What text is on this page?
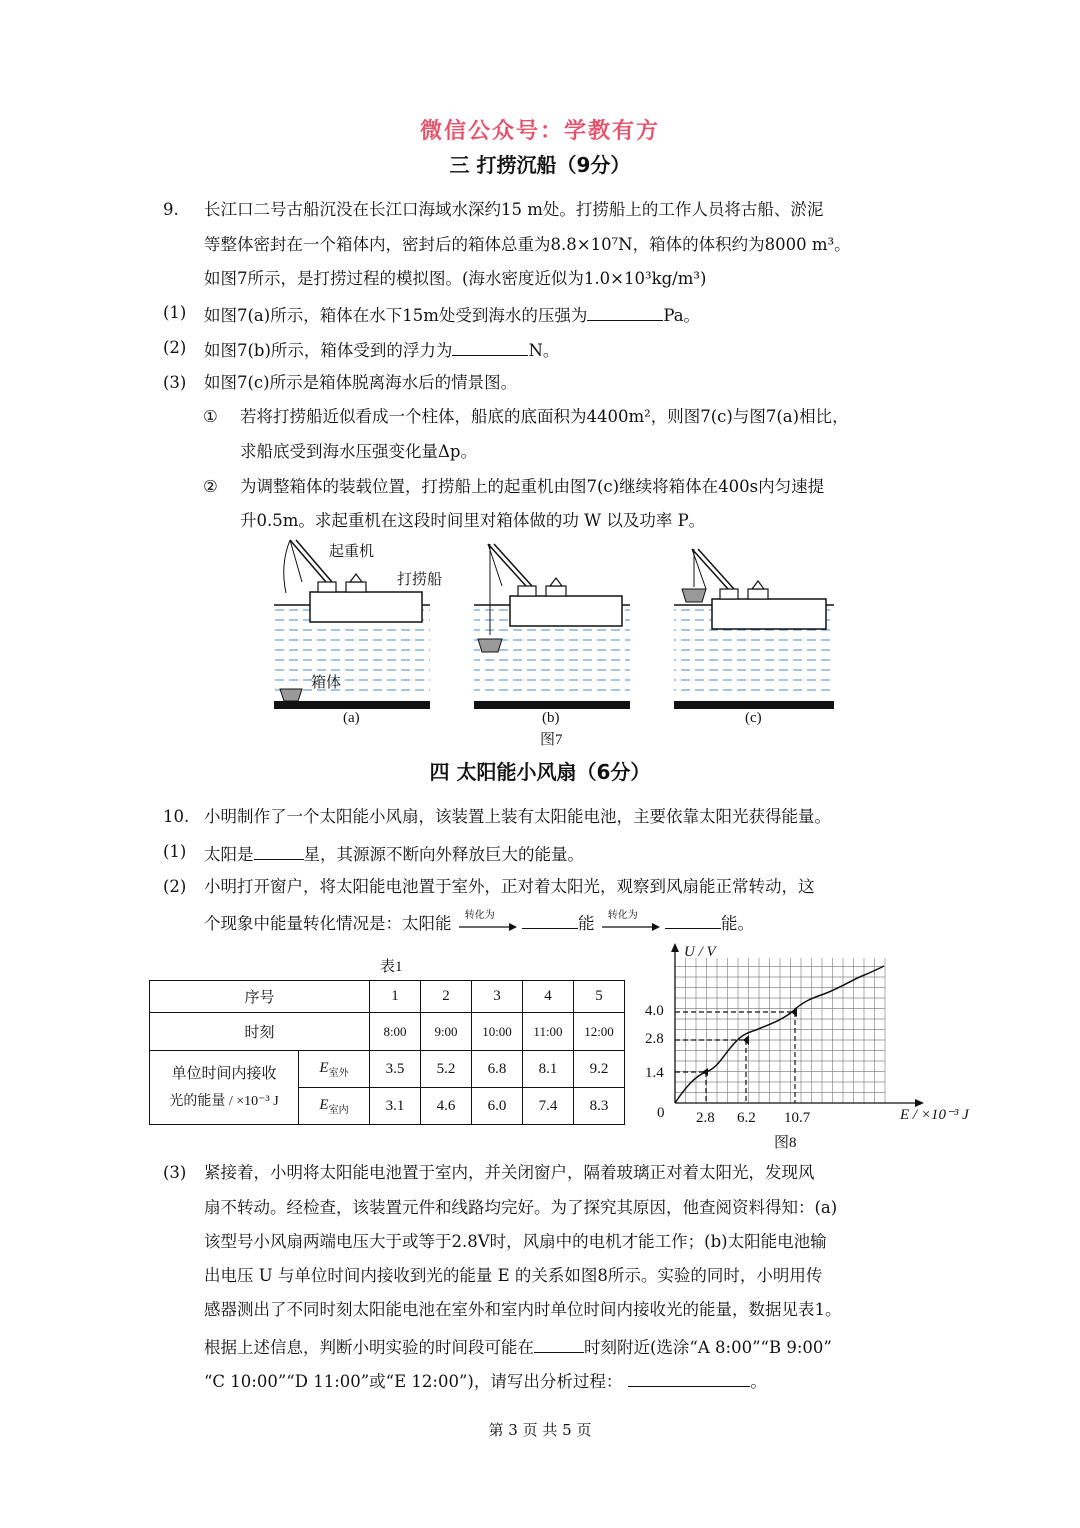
微信公众号：学教有方
三 打捞沉船（9分）
9. 长江口二号古船沉没在长江口海域水深约15 m处。打捞船上的工作人员将古船、淤泥
等整体密封在一个箱体内，密封后的箱体总重为8.8×10⁷N，箱体的体积约为8000 m³。
如图7所示，是打捞过程的模拟图。(海水密度近似为1.0×10³kg/m³)
(1) 如图7(a)所示，箱体在水下15m处受到海水的压强为	Pa。
(2) 如图7(b)所示，箱体受到的浮力为	N。
(3) 如图7(c)所示是箱体脱离海水后的情景图。
① 若将打捞船近似看成一个柱体，船底的底面积为4400m²，则图7(c)与图7(a)相比，
求船底受到海水压强变化量Δp。
② 为调整箱体的装载位置，打捞船上的起重机由图7(c)继续将箱体在400s内匀速提
升0.5m。求起重机在这段时间里对箱体做的功 W 以及功率 P。
起重机
打捞船
箱体
(a)	(b)	(c)
图7
四 太阳能小风扇（6分）
10. 小明制作了一个太阳能小风扇，该装置上装有太阳能电池，主要依靠太阳光获得能量。
(1) 太阳是	星，其源源不断向外释放巨大的能量。
(2) 小明打开窗户，将太阳能电池置于室外，正对着太阳光，观察到风扇能正常转动，这
个现象中能量转化情况是：太阳能 转化为	能 转化为	能。
表1
序号		1	2	3	4	5
时刻		8:00	9:00	10:00	11:00	12:00

单位时间内接收
光的能量 / ×10⁻³ J	$E_{室外}$	3.5	5.2	6.8	8.1	9.2
	$E_{室内}$	3.1	4.6	6.0	7.4	8.3
U / V
4.0
2.8
1.4
0 2.8 6.2 10.7	E / ×10⁻³ J
图8
(3) 紧接着，小明将太阳能电池置于室内，并关闭窗户，隔着玻璃正对着太阳光，发现风
扇不转动。经检查，该装置元件和线路均完好。为了探究其原因，他查阅资料得知：(a)
该型号小风扇两端电压大于或等于2.8V时，风扇中的电机才能工作；(b)太阳能电池输
出电压 U 与单位时间内接收到光的能量 E 的关系如图8所示。实验的同时，小明用传
感器测出了不同时刻太阳能电池在室外和室内时单位时间内接收光的能量，数据见表1。
根据上述信息，判断小明实验的时间段可能在	时刻附近(选涂“A 8:00”“B 9:00”
“C 10:00”“D 11:00”或“E 12:00”)，请写出分析过程：	。
第 3 页 共 5 页
